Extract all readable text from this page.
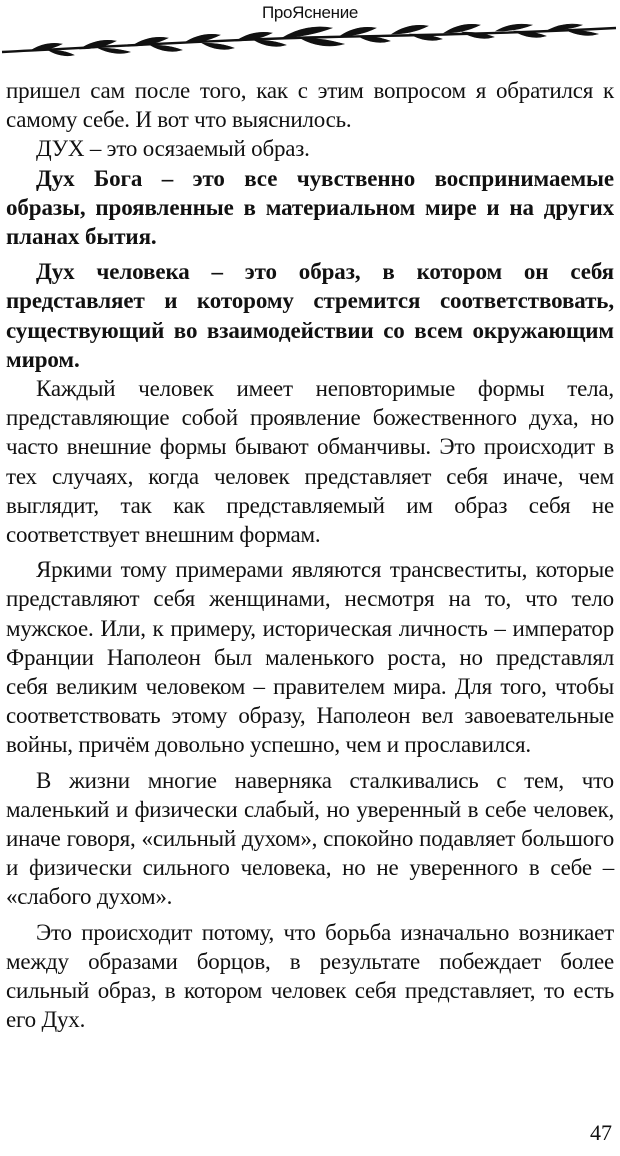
ПроЯснение

пришел сам после того, как с этим вопросом я обратился к самому себе. И вот что выяснилось.

ДУХ – это осязаемый образ.

Дух Бога – это все чувственно воспринимаемые образы, проявленные в материальном мире и на других планах бытия.

Дух человека – это образ, в котором он себя представляет и которому стремится соответствовать, существующий во взаимодействии со всем окружающим миром.

Каждый человек имеет неповторимые формы тела, представляющие собой проявление божественного духа, но часто внешние формы бывают обманчивы. Это происходит в тех случаях, когда человек представляет себя иначе, чем выглядит, так как представляемый им образ себя не соответствует внешним формам.

Яркими тому примерами являются трансвеститы, которые представляют себя женщинами, несмотря на то, что тело мужское. Или, к примеру, историческая личность – император Франции Наполеон был маленького роста, но представлял себя великим человеком – правителем мира. Для того, чтобы соответствовать этому образу, Наполеон вел завоевательные войны, причём довольно успешно, чем и прославился.

В жизни многие наверняка сталкивались с тем, что маленький и физически слабый, но уверенный в себе человек, иначе говоря, «сильный духом», спокойно подавляет большого и физически сильного человека, но не уверенного в себе – «слабого духом».

Это происходит потому, что борьба изначально возникает между образами борцов, в результате побеждает более сильный образ, в котором человек себя представляет, то есть его Дух.

47
